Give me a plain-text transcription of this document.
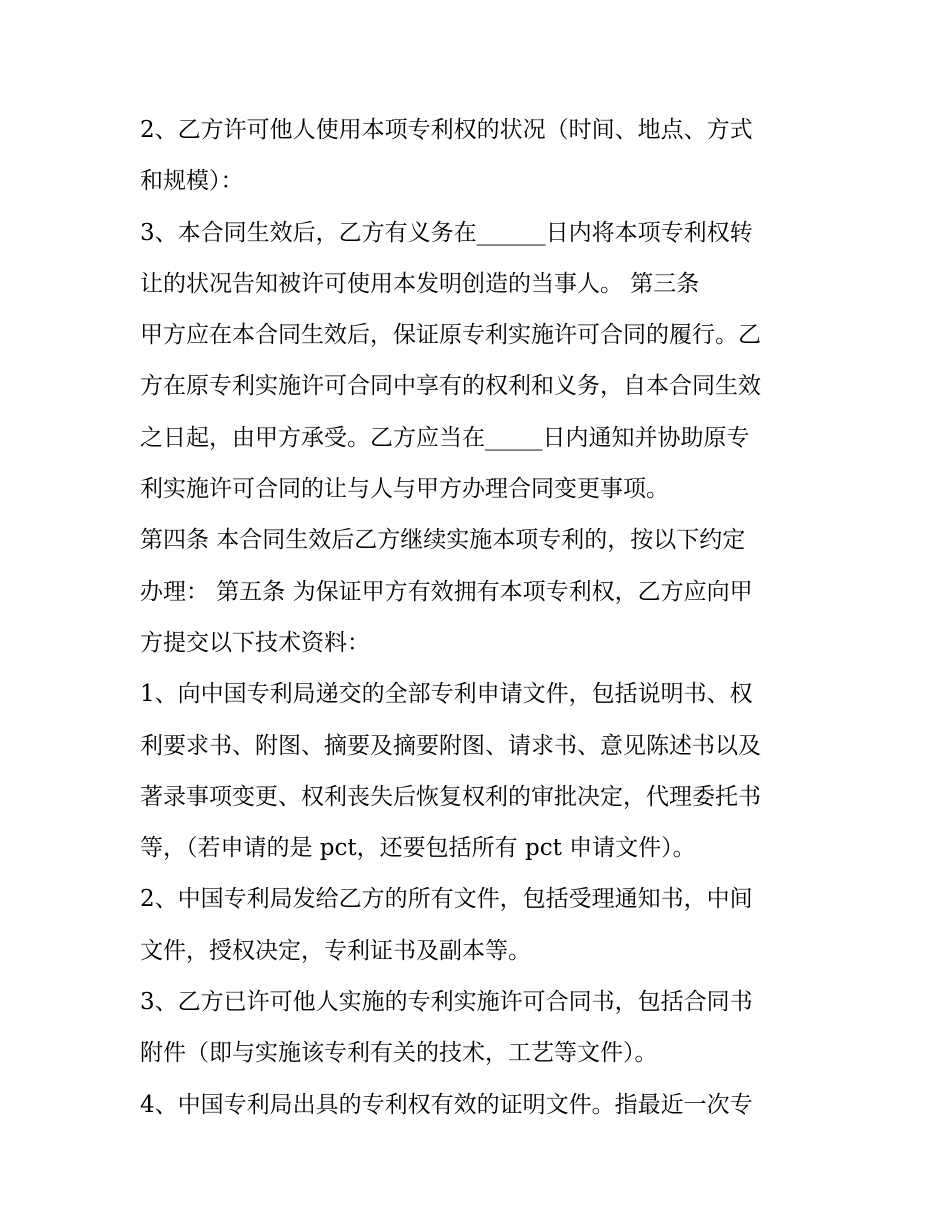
2、乙方许可他人使用本项专利权的状况（时间、地点、方式
和规模）：
3、本合同生效后，乙方有义务在______日内将本项专利权转
让的状况告知被许可使用本发明创造的当事人。 第三条
甲方应在本合同生效后，保证原专利实施许可合同的履行。乙
方在原专利实施许可合同中享有的权利和义务，自本合同生效
之日起，由甲方承受。乙方应当在_____日内通知并协助原专
利实施许可合同的让与人与甲方办理合同变更事项。
第四条 本合同生效后乙方继续实施本项专利的，按以下约定
办理： 第五条 为保证甲方有效拥有本项专利权，乙方应向甲
方提交以下技术资料：
1、向中国专利局递交的全部专利申请文件，包括说明书、权
利要求书、附图、摘要及摘要附图、请求书、意见陈述书以及
著录事项变更、权利丧失后恢复权利的审批决定，代理委托书
等，（若申请的是 pct，还要包括所有 pct 申请文件）。
2、中国专利局发给乙方的所有文件，包括受理通知书，中间
文件，授权决定，专利证书及副本等。
3、乙方已许可他人实施的专利实施许可合同书，包括合同书
附件（即与实施该专利有关的技术，工艺等文件）。
4、中国专利局出具的专利权有效的证明文件。指最近一次专
